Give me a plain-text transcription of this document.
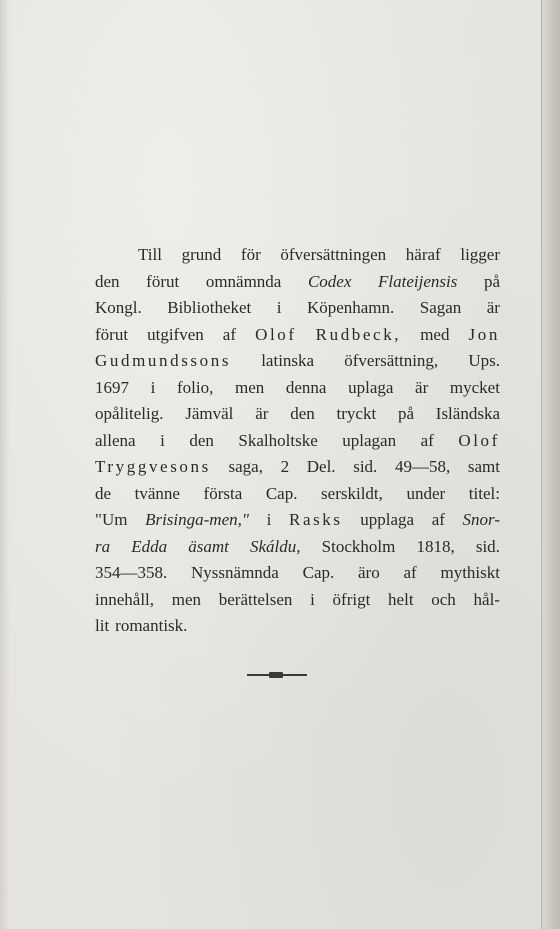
Till grund för öfversättningen häraf ligger
den förut omnämnda Codex Flateijensis på
Kongl. Bibliotheket i Köpenhamn. Sagan är
förut utgifven af Olof Rudbeck, med Jon
Gudmundssons latinska öfversättning, Ups.
1697 i folio, men denna uplaga är mycket
opålitelig. Jämväl är den tryckt på Isländska
allena i den Skalholtske uplagan af Olof
Tryggvesons saga, 2 Del. sid. 49—58, samt
de tvänne första Cap. serskildt, under titel:
"Um Brisinga-men," i Rasks upplaga af Snor-
ra Edda äsamt Skáldu, Stockholm 1818, sid.
354—358. Nyssnämnda Cap. äro af mythiskt
innehåll, men berättelsen i öfrigt helt och hål-
lit romantisk.
